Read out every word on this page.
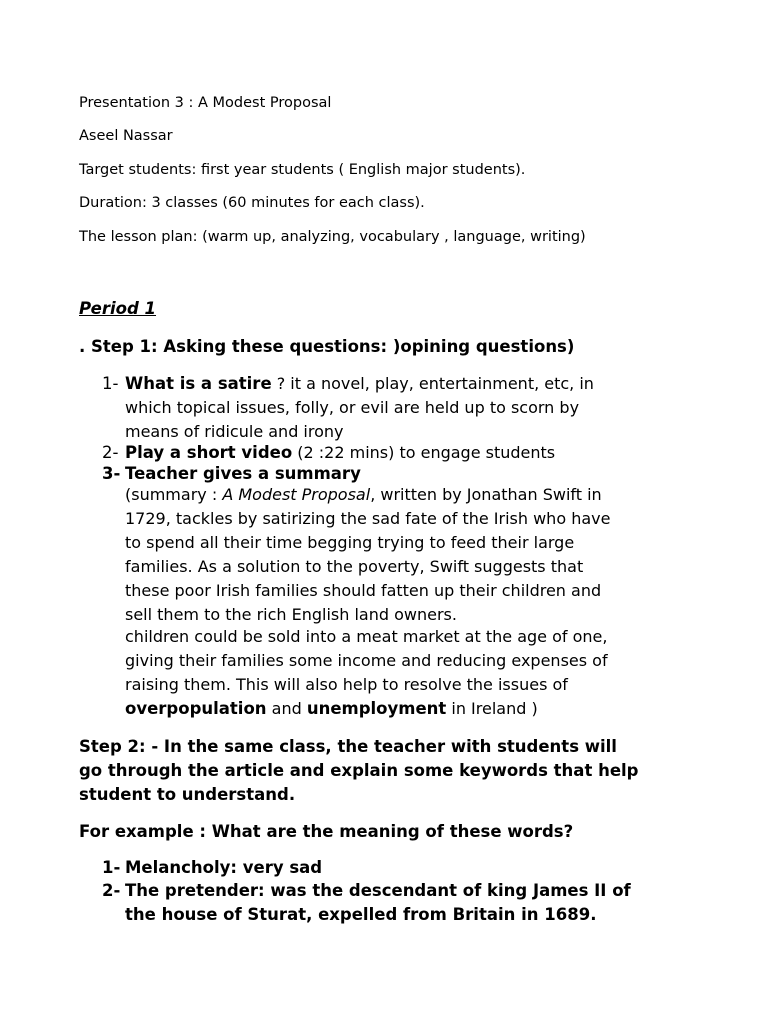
Presentation 3 : A Modest Proposal
Aseel Nassar
Target students: first year students ( English major students).
Duration: 3 classes (60 minutes for each class).
The lesson plan: (warm up, analyzing, vocabulary , language, writing)
Period 1
. Step 1: Asking these questions: )opining questions)
1- What is a satire ? it a novel, play, entertainment, etc, in
which topical issues, folly, or evil are held up to scorn by
means of ridicule and irony
2- Play a short video (2 :22 mins) to engage students
3- Teacher gives a summary
(summary : A Modest Proposal, written by Jonathan Swift in
1729, tackles by satirizing the sad fate of the Irish who have
to spend all their time begging trying to feed their large
families. As a solution to the poverty, Swift suggests that
these poor Irish families should fatten up their children and
sell them to the rich English land owners.
children could be sold into a meat market at the age of one,
giving their families some income and reducing expenses of
raising them. This will also help to resolve the issues of
overpopulation and unemployment in Ireland )
Step 2: - In the same class, the teacher with students will
go through the article and explain some keywords that help
student to understand.
For example : What are the meaning of these words?
1- Melancholy: very sad
2- The pretender: was the descendant of king James II of
the house of Sturat, expelled from Britain in 1689.
